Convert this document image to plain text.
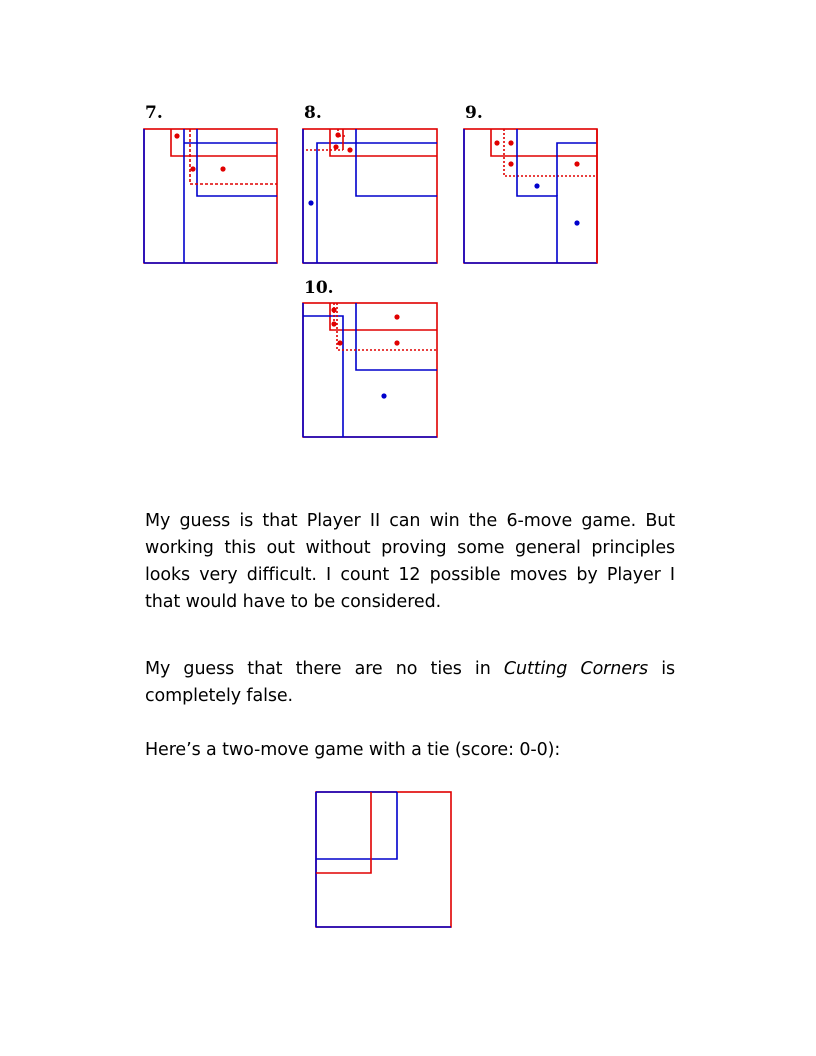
7.	8.	9.
10.

My guess is that Player II can win the 6-move game. But working this out without proving some general principles looks very difficult. I count 12 possible moves by Player I that would have to be considered.

My guess that there are no ties in Cutting Corners is completely false.

Here’s a two-move game with a tie (score: 0-0):
